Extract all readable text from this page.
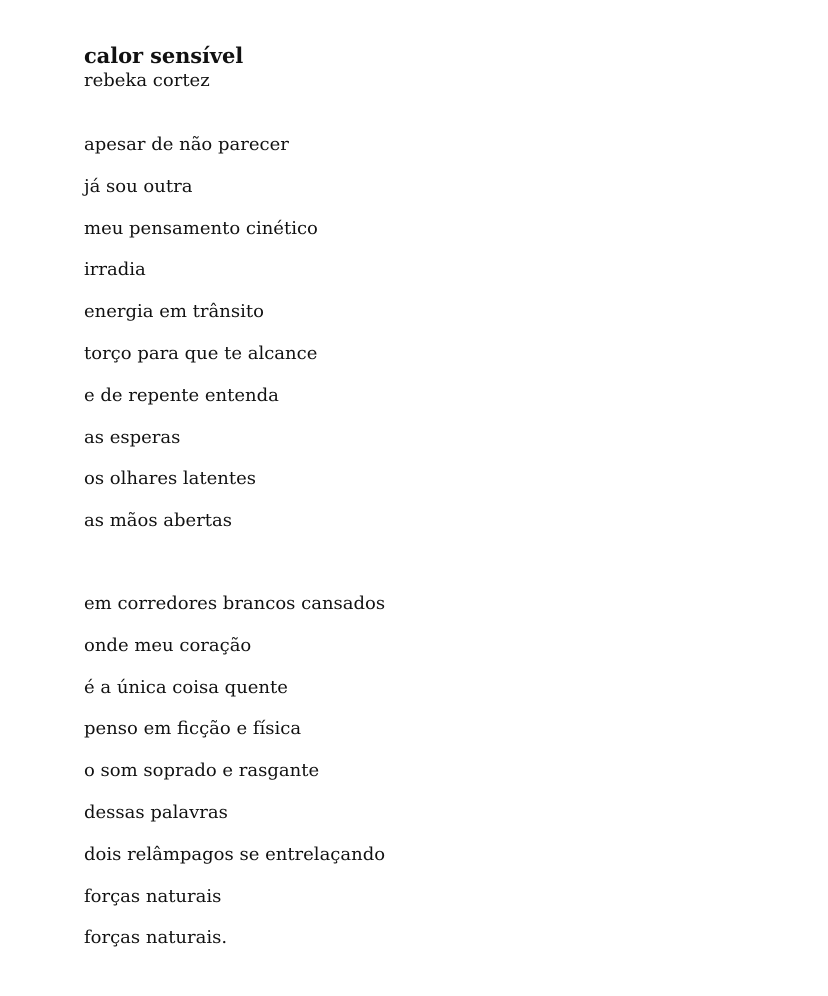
calor sensível

rebeka cortez

apesar de não parecer
já sou outra
meu pensamento cinético
irradia
energia em trânsito
torço para que te alcance
e de repente entenda
as esperas
os olhares latentes
as mãos abertas
em corredores brancos cansados
onde meu coração
é a única coisa quente
penso em ficção e física
o som soprado e rasgante
dessas palavras
dois relâmpagos se entrelaçando
forças naturais
forças naturais.
